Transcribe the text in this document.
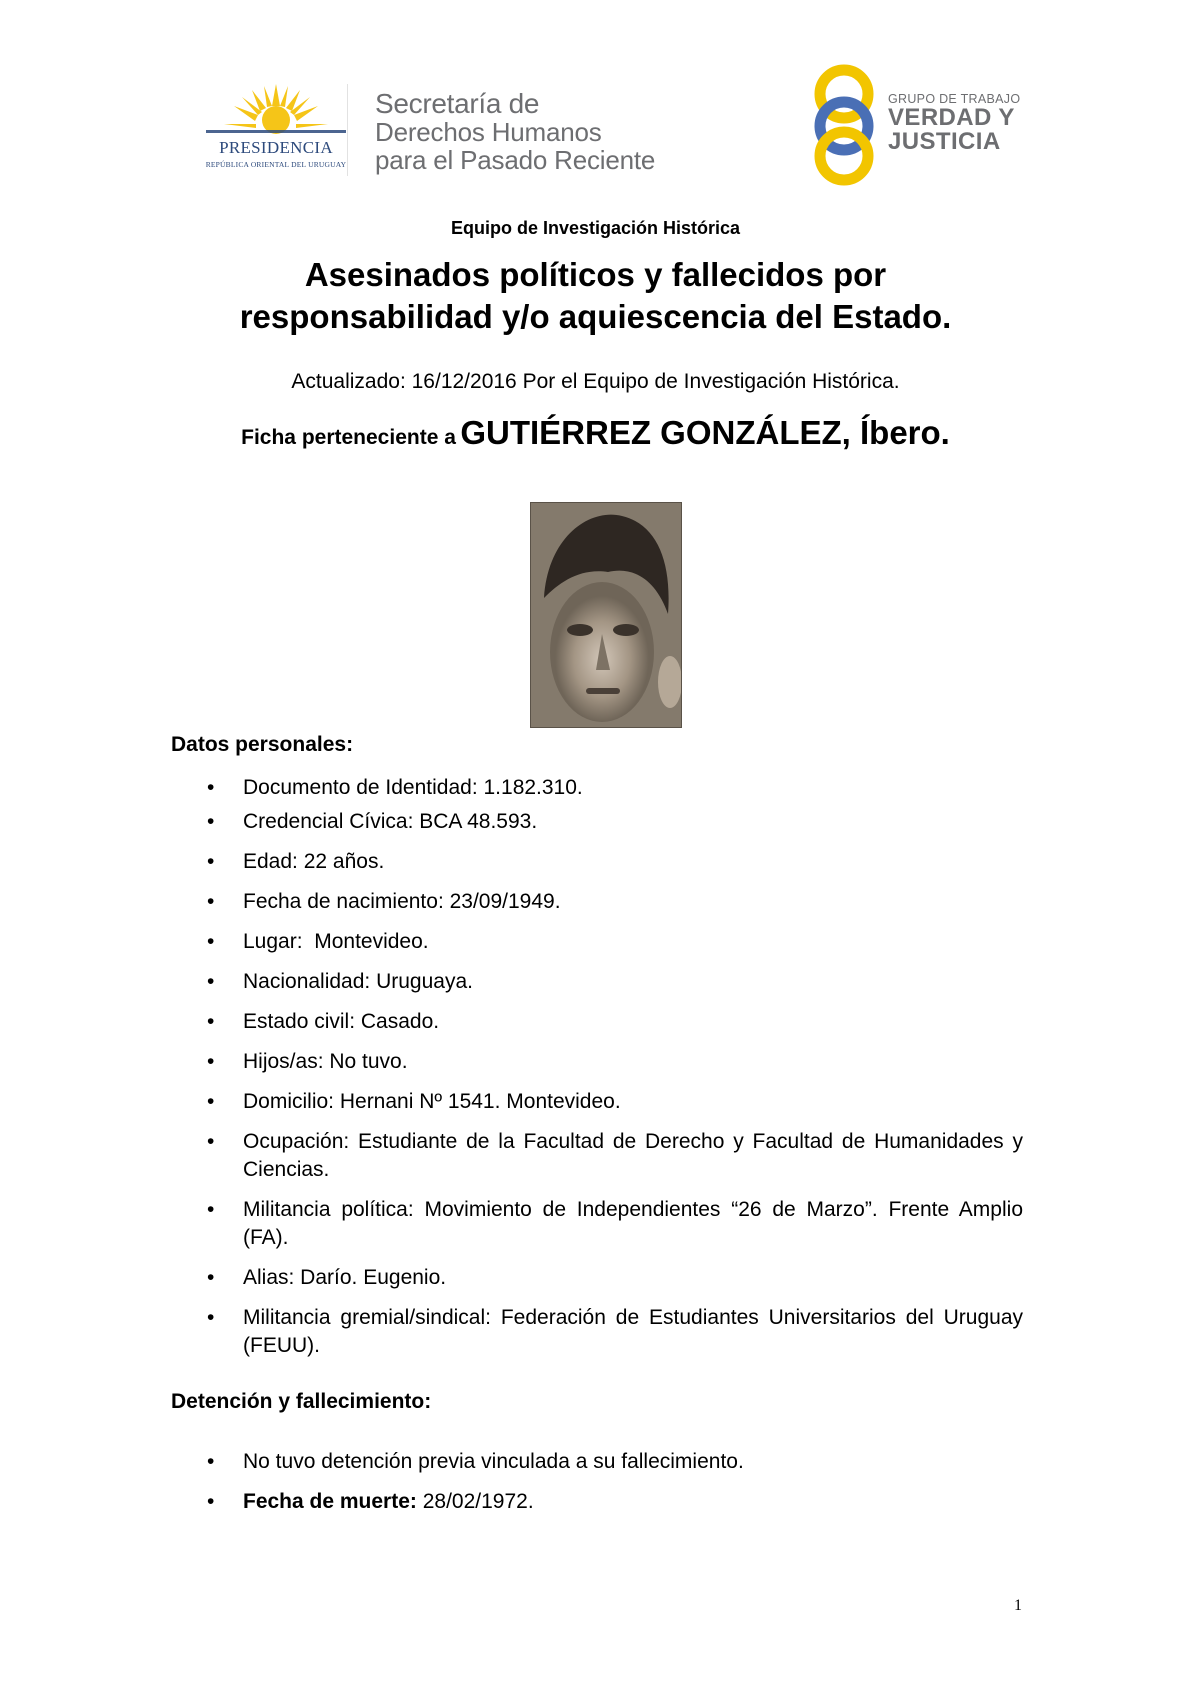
PRESIDENCIA
REPÚBLICA ORIENTAL DEL URUGUAY
Secretaría de
Derechos Humanos
para el Pasado Reciente
GRUPO DE TRABAJO
VERDAD Y
JUSTICIA
Equipo de Investigación Histórica
Asesinados políticos y fallecidos por
responsabilidad y/o aquiescencia del Estado.
Actualizado: 16/12/2016 Por el Equipo de Investigación Histórica.
Ficha perteneciente a GUTIÉRREZ GONZÁLEZ, Íbero.
Datos personales:
• Documento de Identidad: 1.182.310.
• Credencial Cívica: BCA 48.593.
• Edad: 22 años.
• Fecha de nacimiento: 23/09/1949.
• Lugar:  Montevideo.
• Nacionalidad: Uruguaya.
• Estado civil: Casado.
• Hijos/as: No tuvo.
• Domicilio: Hernani Nº 1541. Montevideo.
• Ocupación: Estudiante de la Facultad de Derecho y Facultad de Humanidades y Ciencias.
• Militancia política: Movimiento de Independientes “26 de Marzo”. Frente Amplio (FA).
• Alias: Darío. Eugenio.
• Militancia gremial/sindical: Federación de Estudiantes Universitarios del Uruguay (FEUU).
Detención y fallecimiento:
• No tuvo detención previa vinculada a su fallecimiento.
• Fecha de muerte: 28/02/1972.
1
